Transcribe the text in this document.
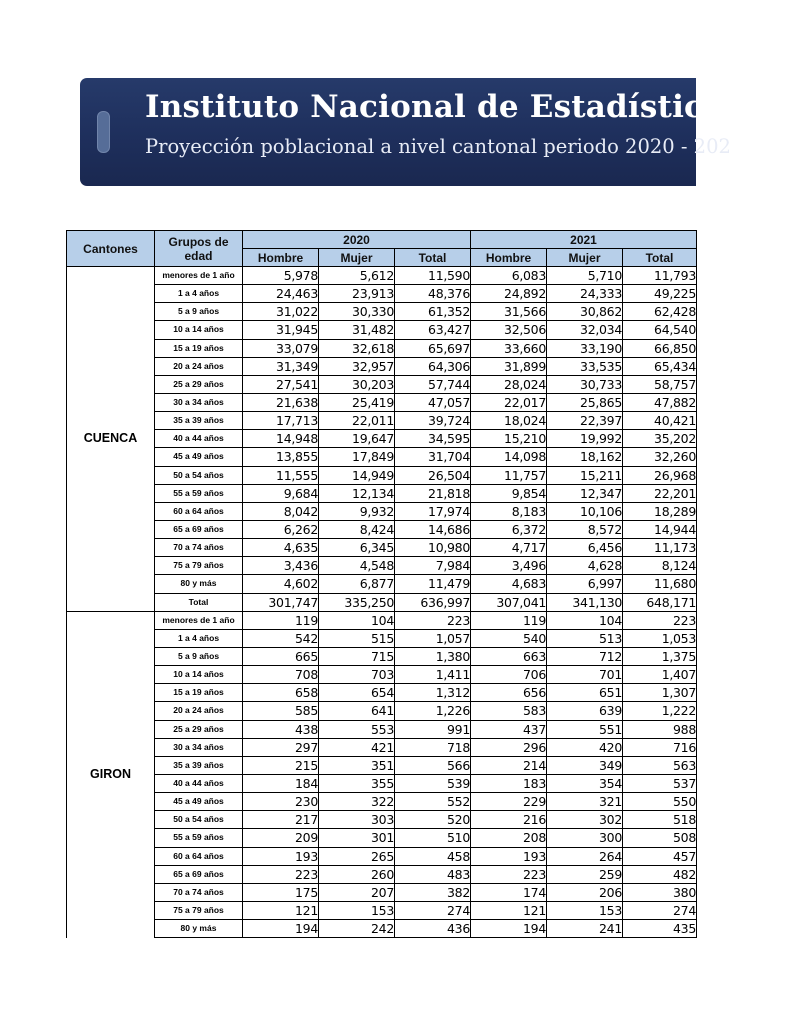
Instituto Nacional de Estadística y C
Proyección poblacional a nivel cantonal periodo 2020 - 202
Cantones	Grupos de edad	2020			2021		
		Hombre	Mujer	Total	Hombre	Mujer	Total
CUENCA	menores de 1 año	5,978	5,612	11,590	6,083	5,710	11,793
	1 a 4 años	24,463	23,913	48,376	24,892	24,333	49,225
	5 a 9 años	31,022	30,330	61,352	31,566	30,862	62,428
	10 a 14 años	31,945	31,482	63,427	32,506	32,034	64,540
	15 a 19 años	33,079	32,618	65,697	33,660	33,190	66,850
	20 a 24 años	31,349	32,957	64,306	31,899	33,535	65,434
	25 a 29 años	27,541	30,203	57,744	28,024	30,733	58,757
	30 a 34 años	21,638	25,419	47,057	22,017	25,865	47,882
	35 a 39 años	17,713	22,011	39,724	18,024	22,397	40,421
	40 a 44 años	14,948	19,647	34,595	15,210	19,992	35,202
	45 a 49 años	13,855	17,849	31,704	14,098	18,162	32,260
	50 a 54 años	11,555	14,949	26,504	11,757	15,211	26,968
	55 a 59 años	9,684	12,134	21,818	9,854	12,347	22,201
	60 a 64 años	8,042	9,932	17,974	8,183	10,106	18,289
	65 a 69 años	6,262	8,424	14,686	6,372	8,572	14,944
	70 a 74 años	4,635	6,345	10,980	4,717	6,456	11,173
	75 a 79 años	3,436	4,548	7,984	3,496	4,628	8,124
	80 y más	4,602	6,877	11,479	4,683	6,997	11,680
	Total	301,747	335,250	636,997	307,041	341,130	648,171
GIRON	menores de 1 año	119	104	223	119	104	223
	1 a 4 años	542	515	1,057	540	513	1,053
	5 a 9 años	665	715	1,380	663	712	1,375
	10 a 14 años	708	703	1,411	706	701	1,407
	15 a 19 años	658	654	1,312	656	651	1,307
	20 a 24 años	585	641	1,226	583	639	1,222
	25 a 29 años	438	553	991	437	551	988
	30 a 34 años	297	421	718	296	420	716
	35 a 39 años	215	351	566	214	349	563
	40 a 44 años	184	355	539	183	354	537
	45 a 49 años	230	322	552	229	321	550
	50 a 54 años	217	303	520	216	302	518
	55 a 59 años	209	301	510	208	300	508
	60 a 64 años	193	265	458	193	264	457
	65 a 69 años	223	260	483	223	259	482
	70 a 74 años	175	207	382	174	206	380
	75 a 79 años	121	153	274	121	153	274
	80 y más	194	242	436	194	241	435
